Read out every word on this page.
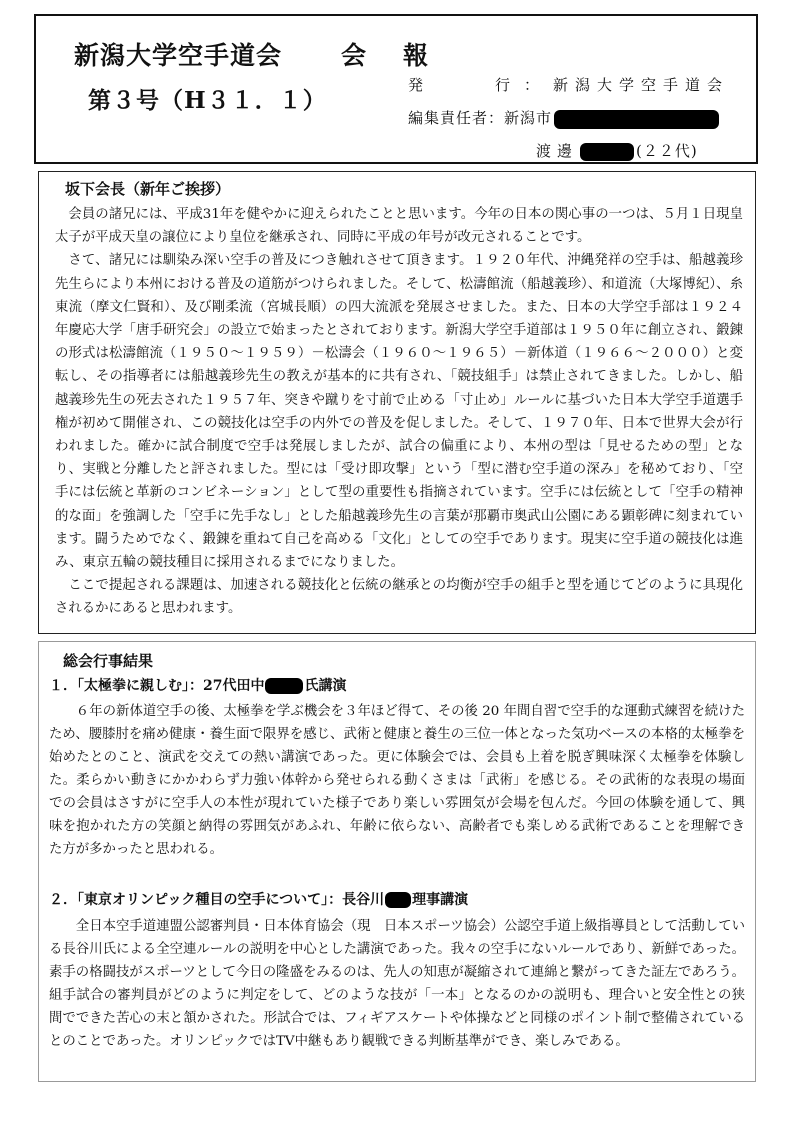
新潟大学空手道会 会　報
第３号（H３１．１）
発　　行：新潟大学空手道会
編集責任者：新潟市
渡邊	(２２代)
坂下会長（新年ご挨拶）

会員の諸兄には、平成31年を健やかに迎えられたことと思います。今年の日本の関心事の一つは、５月１日現皇太子が平成天皇の譲位により皇位を継承され、同時に平成の年号が改元されることです。

さて、諸兄には馴染み深い空手の普及につき触れさせて頂きます。１９２０年代、沖縄発祥の空手は、船越義珍先生らにより本州における普及の道筋がつけられました。そして、松濤館流（船越義珍）、和道流（大塚博紀）、糸東流（摩文仁賢和）、及び剛柔流（宮城長順）の四大流派を発展させました。また、日本の大学空手部は１９２４年慶応大学「唐手研究会」の設立で始まったとされております。新潟大学空手道部は１９５０年に創立され、鍛錬の形式は松濤館流（１９５０～１９５９）－松濤会（１９６０～１９６５）－新体道（１９６６～２０００）と変転し、その指導者には船越義珍先生の教えが基本的に共有され、「競技組手」は禁止されてきました。しかし、船越義珍先生の死去された１９５７年、突きや蹴りを寸前で止める「寸止め」ルールに基づいた日本大学空手道選手権が初めて開催され、この競技化は空手の内外での普及を促しました。そして、１９７０年、日本で世界大会が行われました。確かに試合制度で空手は発展しましたが、試合の偏重により、本州の型は「見せるための型」となり、実戦と分離したと評されました。型には「受け即攻撃」という「型に潜む空手道の深み」を秘めており、「空手には伝統と革新のコンビネーション」として型の重要性も指摘されています。空手には伝統として「空手の精神的な面」を強調した「空手に先手なし」とした船越義珍先生の言葉が那覇市奥武山公園にある顕彰碑に刻まれています。闘うためでなく、鍛錬を重ねて自己を高める「文化」としての空手であります。現実に空手道の競技化は進み、東京五輪の競技種目に採用されるまでになりました。

ここで提起される課題は、加速される競技化と伝統の継承との均衡が空手の組手と型を通じてどのように具現化されるかにあると思われます。

総会行事結果
１．「太極拳に親しむ」：27代田中	氏講演

６年の新体道空手の後、太極拳を学ぶ機会を３年ほど得て、その後 20 年間自習で空手的な運動式練習を続けたため、腰膝肘を痛め健康・養生面で限界を感じ、武術と健康と養生の三位一体となった気功ベースの本格的太極拳を始めたとのこと、演武を交えての熱い講演であった。更に体験会では、会員も上着を脱ぎ興味深く太極拳を体験した。柔らかい動きにかかわらず力強い体幹から発せられる動くさまは「武術」を感じる。その武術的な表現の場面での会員はさすがに空手人の本性が現れていた様子であり楽しい雰囲気が会場を包んだ。今回の体験を通して、興味を抱かれた方の笑顔と納得の雰囲気があふれ、年齢に依らない、高齢者でも楽しめる武術であることを理解できた方が多かったと思われる。

２．「東京オリンピック種目の空手について」：長谷川 理事講演

全日本空手道連盟公認審判員・日本体育協会（現　日本スポーツ協会）公認空手道上級指導員として活動している長谷川氏による全空連ルールの説明を中心とした講演であった。我々の空手にないルールであり、新鮮であった。素手の格闘技がスポーツとして今日の隆盛をみるのは、先人の知恵が凝縮されて連綿と繋がってきた証左であろう。組手試合の審判員がどのように判定をして、どのような技が「一本」となるのかの説明も、理合いと安全性との狭間でできた苦心の末と頷かされた。形試合では、フィギアスケートや体操などと同様のポイント制で整備されているとのことであった。オリンピックではTV中継もあり観戦できる判断基準ができ、楽しみである。
